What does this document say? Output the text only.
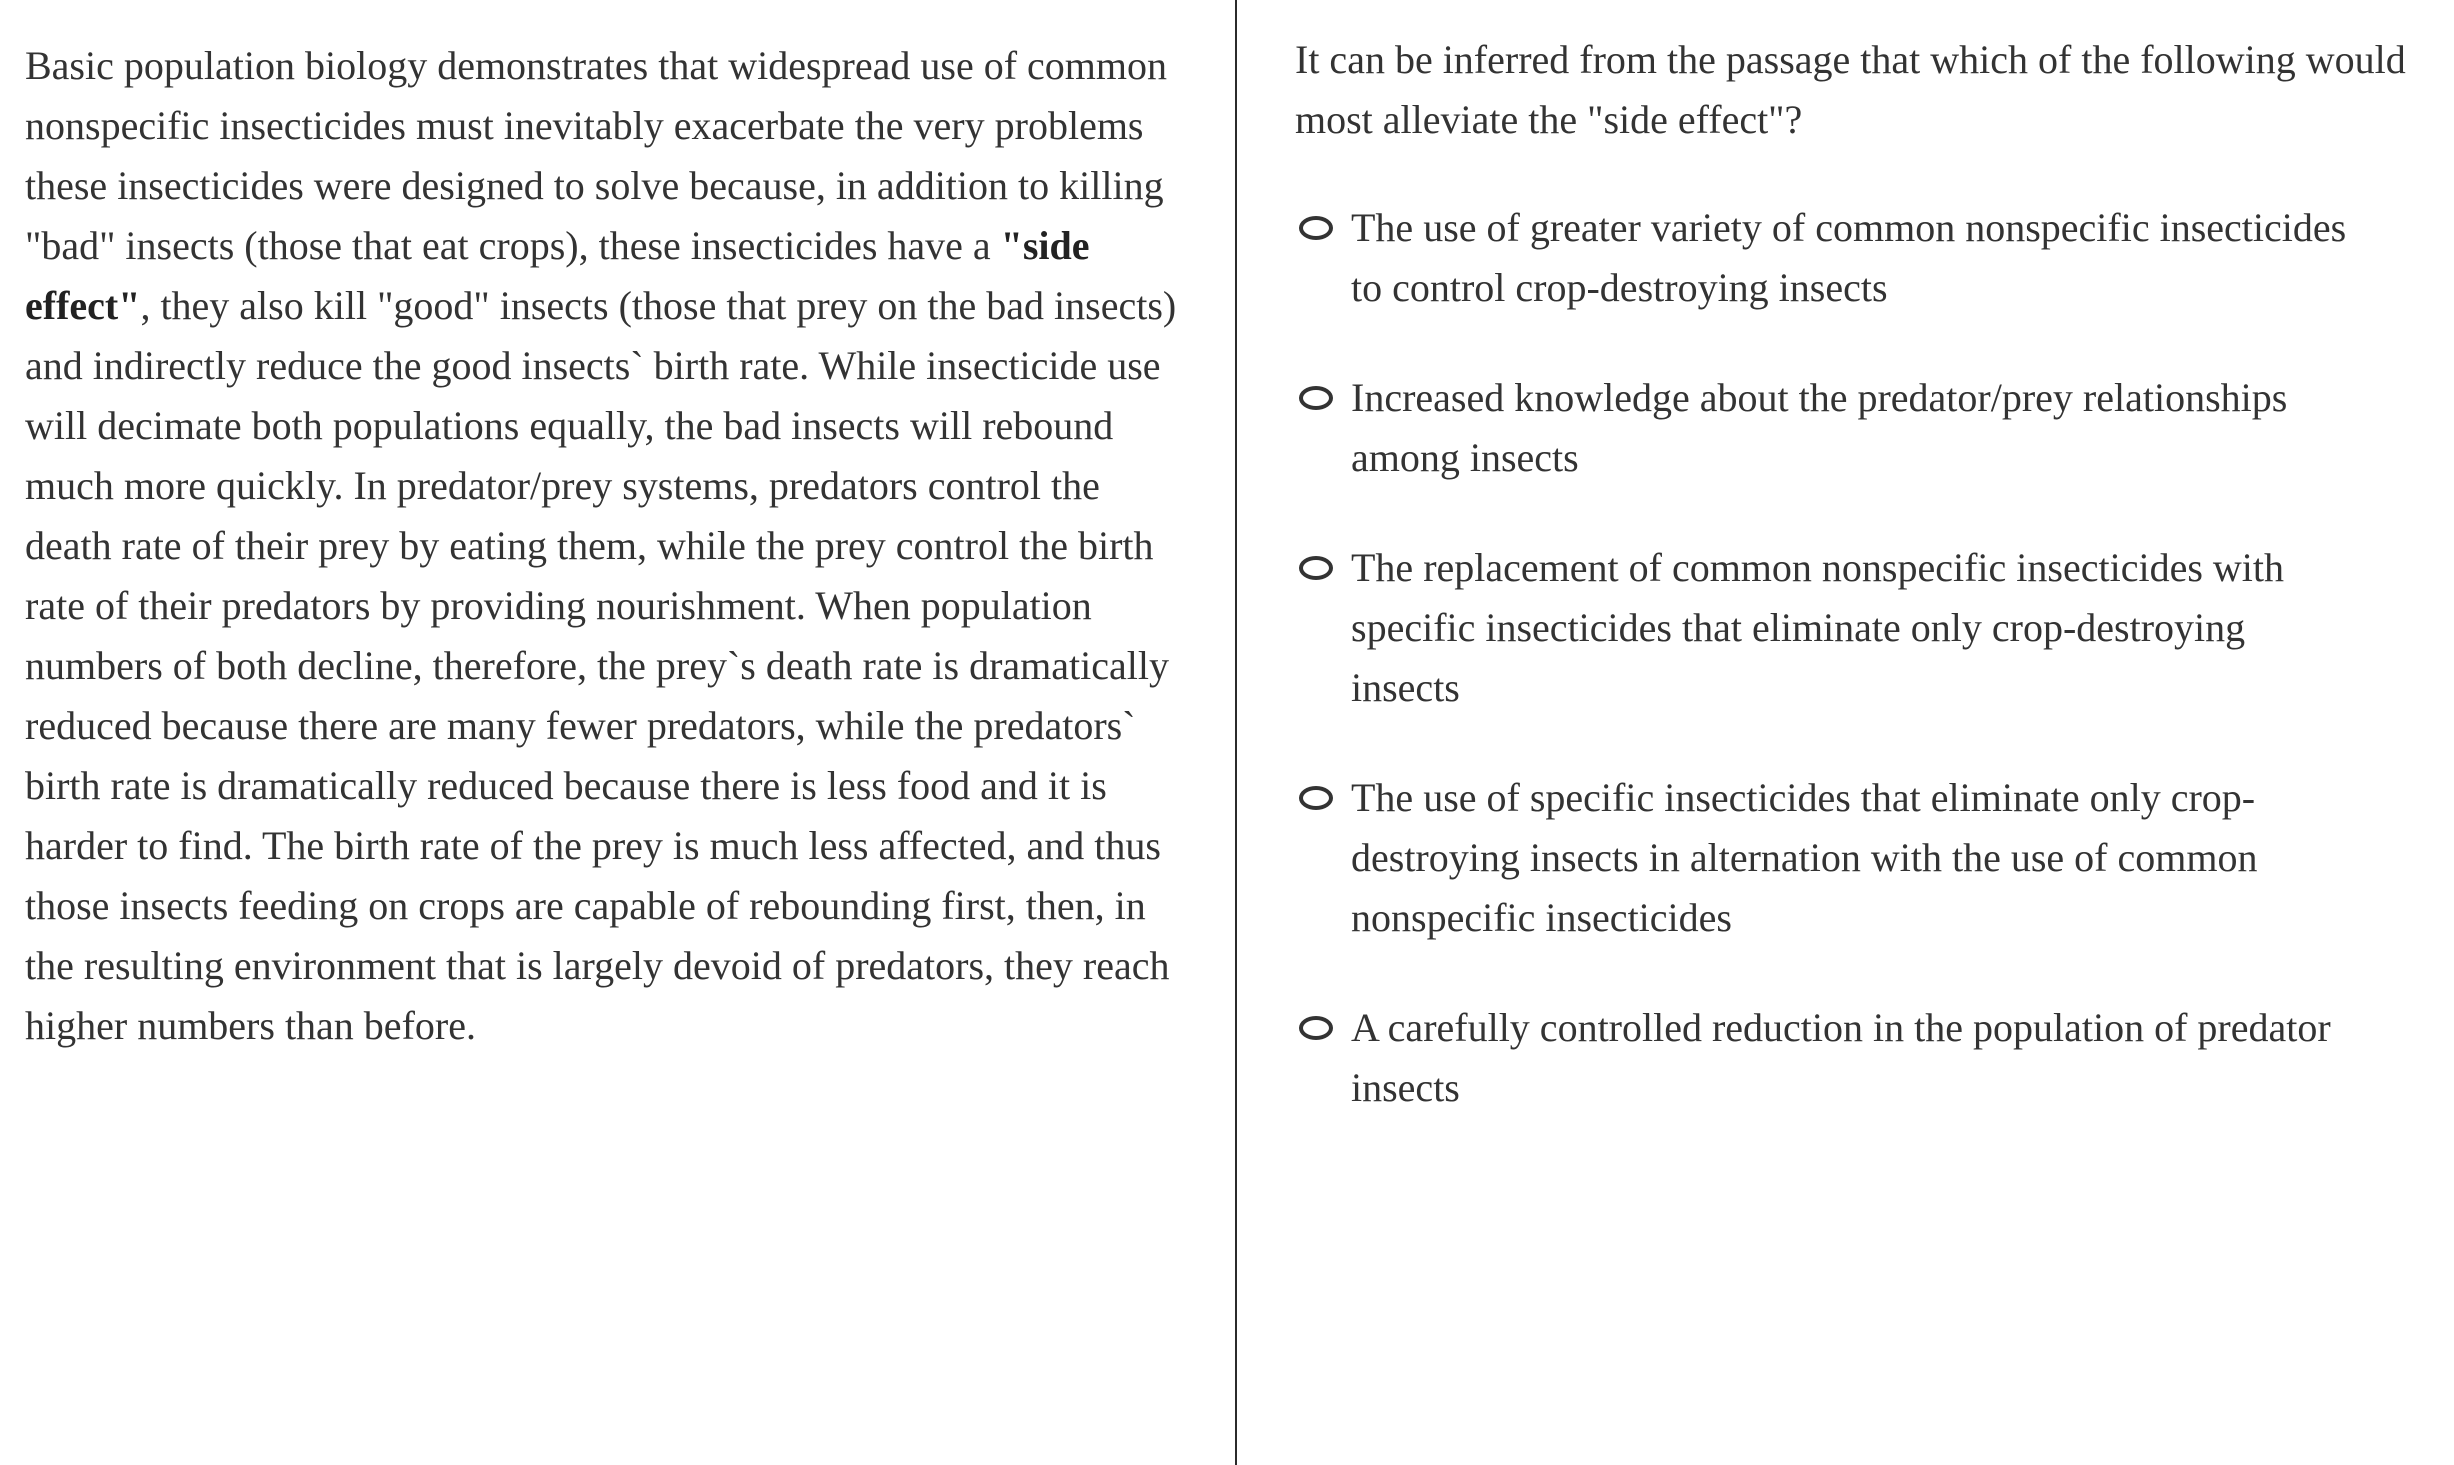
Basic population biology demonstrates that widespread use of common nonspecific insecticides must inevitably exacerbate the very problems these insecticides were designed to solve because, in addition to killing "bad" insects (those that eat crops), these insecticides have a "side effect", they also kill "good" insects (those that prey on the bad insects) and indirectly reduce the good insects` birth rate. While insecticide use will decimate both populations equally, the bad insects will rebound much more quickly. In predator/prey systems, predators control the death rate of their prey by eating them, while the prey control the birth rate of their predators by providing nourishment. When population numbers of both decline, therefore, the prey`s death rate is dramatically reduced because there are many fewer predators, while the predators` birth rate is dramatically reduced because there is less food and it is harder to find. The birth rate of the prey is much less affected, and thus those insects feeding on crops are capable of rebounding first, then, in the resulting environment that is largely devoid of predators, they reach higher numbers than before.

It can be inferred from the passage that which of the following would most alleviate the "side effect"?

The use of greater variety of common nonspecific insecticides to control crop-destroying insects
Increased knowledge about the predator/prey relationships among insects
The replacement of common nonspecific insecticides with specific insecticides that eliminate only crop-destroying insects
The use of specific insecticides that eliminate only crop-destroying insects in alternation with the use of common nonspecific insecticides
A carefully controlled reduction in the population of predator insects
